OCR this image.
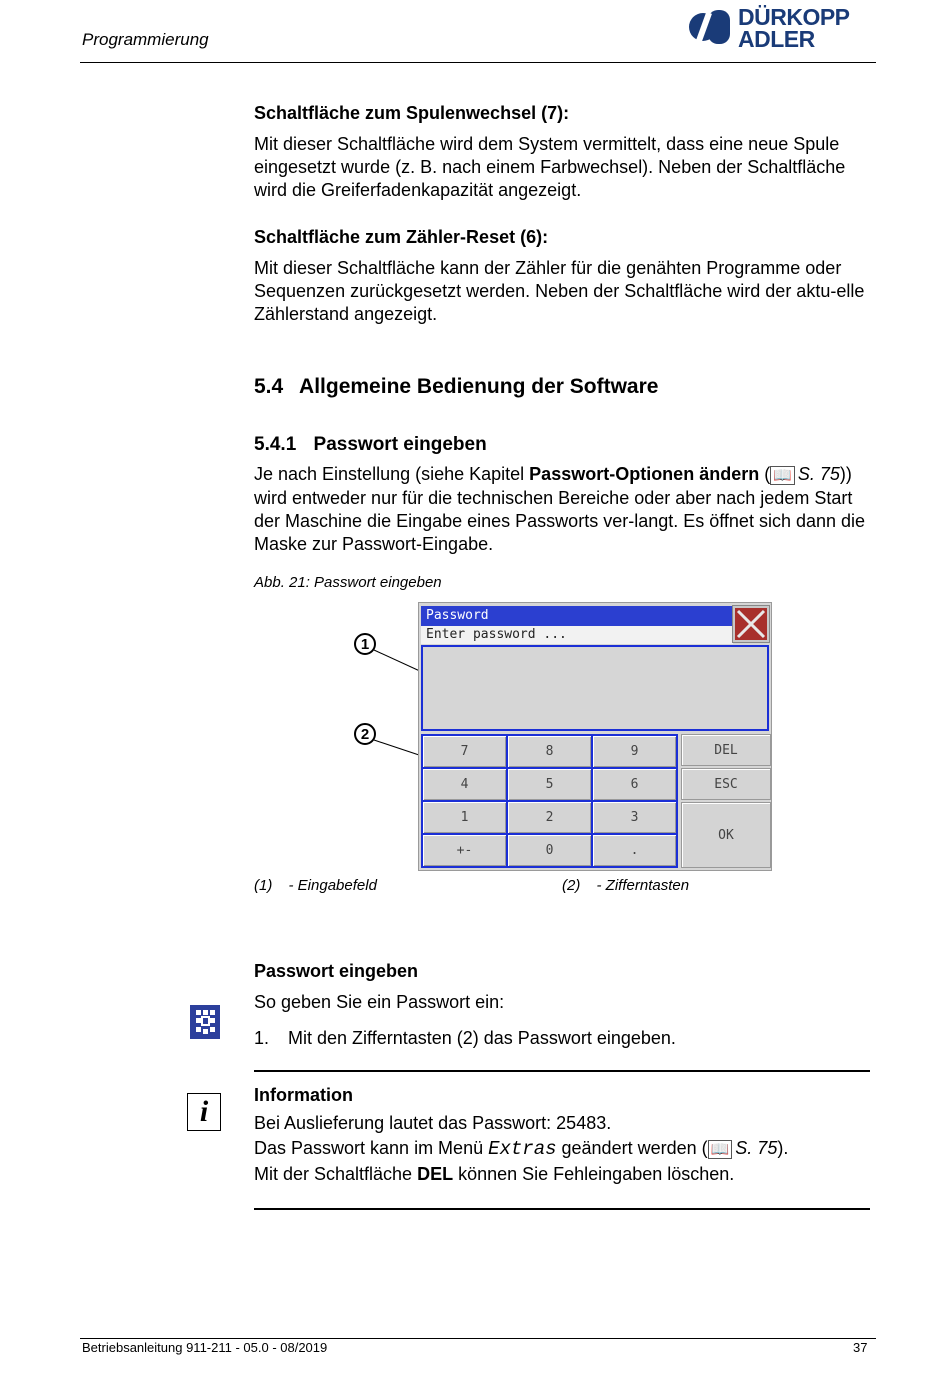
Programmierung
DÜRKOPP
ADLER
Schaltfläche zum Spulenwechsel (7):

Mit dieser Schaltfläche wird dem System vermittelt, dass eine neue Spule eingesetzt wurde (z. B. nach einem Farbwechsel). Neben der Schaltfläche wird die Greiferfadenkapazität angezeigt.

Schaltfläche zum Zähler-Reset (6):

Mit dieser Schaltfläche kann der Zähler für die genähten Programme oder Sequenzen zurückgesetzt werden. Neben der Schaltfläche wird der aktu-elle Zählerstand angezeigt.

5.4 Allgemeine Bedienung der Software
5.4.1 Passwort eingeben

Je nach Einstellung (siehe Kapitel Passwort-Optionen ändern ( 📖 S. 75)) wird entweder nur für die technischen Bereiche oder aber nach jedem Start der Maschine die Eingabe eines Passworts ver-langt. Es öffnet sich dann die Maske zur Passwort-Eingabe.

Abb. 21: Passwort eingeben
1
2
Password
Enter password ...
7	8	9
4	5	6
1	2	3
+-	0	.
DEL
ESC
OK
(1) - Eingabefeld	(2) - Zifferntasten
Passwort eingeben

So geben Sie ein Passwort ein:

1. Mit den Zifferntasten (2) das Passwort eingeben.

i	Information

Bei Auslieferung lautet das Passwort: 25483.

Das Passwort kann im Menü Extras geändert werden ( 📖 S. 75).

Mit der Schaltfläche DEL können Sie Fehleingaben löschen.

Betriebsanleitung 911-211 - 05.0 - 08/2019	37
